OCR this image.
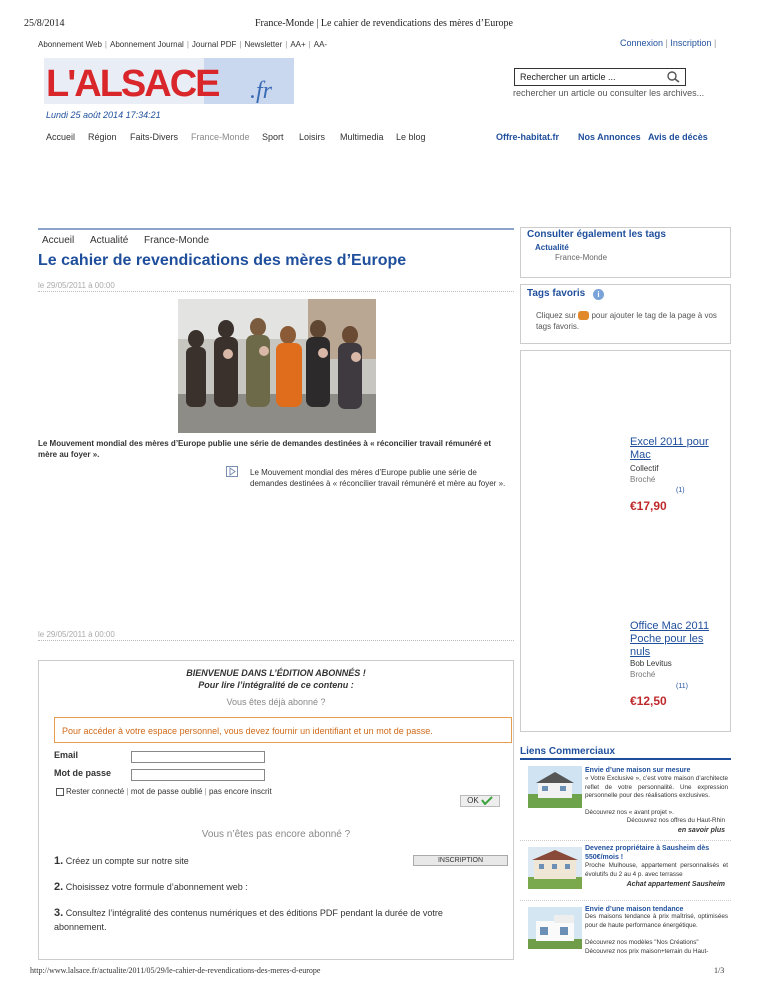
25/8/2014	France-Monde | Le cahier de revendications des mères d’Europe
Abonnement Web | Abonnement Journal | Journal PDF | Newsletter | AA+ | AA-	Connexion | Inscription |
L'ALSACE .fr
Rechercher un article ...
rechercher un article ou consulter les archives...
Lundi 25 août 2014 17:34:21
Accueil Région Faits-Divers France-Monde Sport Loisirs Multimedia Le blog	Offre-habitat.fr Nos Annonces Avis de décès
Accueil Actualité France-Monde
Le cahier de revendications des mères d’Europe
le 29/05/2011 à 00:00
Le Mouvement mondial des mères d’Europe publie une série de demandes destinées à « réconcilier travail rémunéré et mère au foyer ».
Le Mouvement mondial des mères d’Europe publie une série de demandes destinées à « réconcilier travail rémunéré et mère au foyer ».
le 29/05/2011 à 00:00
BIENVENUE DANS L’ÉDITION ABONNÉS !
Pour lire l’intégralité de ce contenu :
Vous êtes déjà abonné ?
Pour accéder à votre espace personnel, vous devez fournir un identifiant et un mot de passe.
Email
Mot de passe
Rester connecté | mot de passe oublié | pas encore inscrit
OK
Vous n’êtes pas encore abonné ?
1. Créez un compte sur notre site	INSCRIPTION
2. Choisissez votre formule d’abonnement web :
3. Consultez l’intégralité des contenus numériques et des éditions PDF pendant la durée de votre abonnement.
Consulter également les tags
Actualité
France-Monde
Tags favoris	i
Cliquez sur pour ajouter le tag de la page à vos tags favoris.
Excel 2011 pour Mac
Collectif
Broché
(1)
€17,90
Office Mac 2011 Poche pour les nuls
Bob Levitus
Broché
(11)
€12,50
Liens Commerciaux
Envie d’une maison sur mesure
« Votre Exclusive », c’est votre maison d’architecte reflet de votre personnalité. Une expression personnelle pour des réalisations exclusives.
Découvrez nos « avant projet ».
Découvrez nos offres du Haut-Rhin
en savoir plus
Devenez propriétaire à Sausheim dès 550€/mois !
Proche Mulhouse, appartement personnalisés et évolutifs du 2 au 4 p. avec terrasse
Achat appartement Sausheim
Envie d’une maison tendance
Des maisons tendance à prix maîtrisé, optimisées pour de haute performance énergétique.
Découvrez nos modèles "Nos Créations"
Découvrez nos prix maison+terrain du Haut-
http://www.lalsace.fr/actualite/2011/05/29/le-cahier-de-revendications-des-meres-d-europe	1/3
